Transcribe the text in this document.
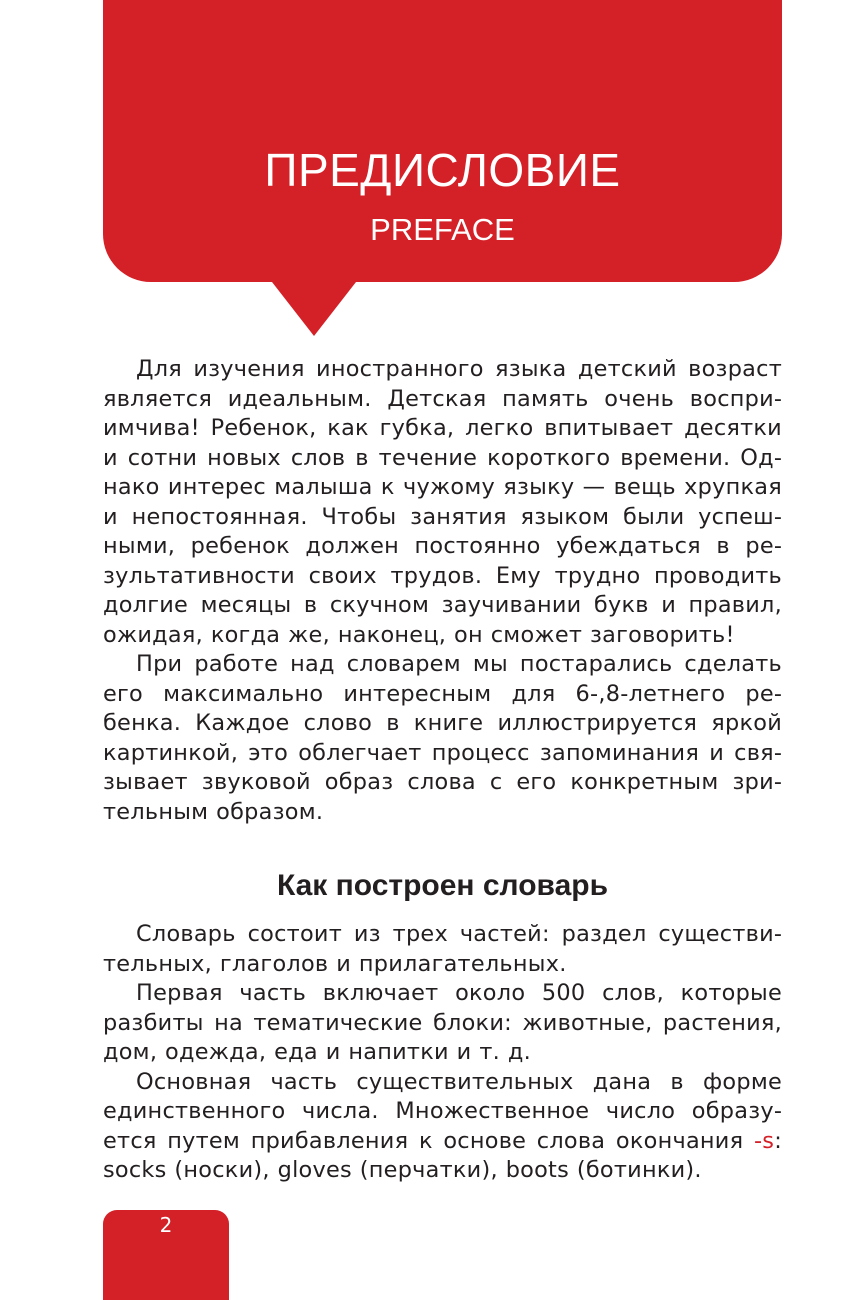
ПРЕДИСЛОВИЕ
PREFACE

Для изучения иностранного языка детский возраст является идеальным. Детская память очень восприимчива! Ребенок, как губка, легко впитывает десятки и сотни новых слов в течение короткого времени. Однако интерес малыша к чужому языку — вещь хрупкая и непостоянная. Чтобы занятия языком были успешными, ребенок должен постоянно убеждаться в результативности своих трудов. Ему трудно проводить долгие месяцы в скучном заучивании букв и правил, ожидая, когда же, наконец, он сможет заговорить!

При работе над словарем мы постарались сделать его максимально интересным для 6-,8-летнего ребенка. Каждое слово в книге иллюстрируется яркой картинкой, это облегчает процесс запоминания и связывает звуковой образ слова с его конкретным зрительным образом.

Как построен словарь

Словарь состоит из трех частей: раздел существительных, глаголов и прилагательных.

Первая часть включает около 500 слов, которые разбиты на тематические блоки: животные, растения, дом, одежда, еда и напитки и т. д.

Основная часть существительных дана в форме единственного числа. Множественное число образуется путем прибавления к основе слова окончания -s: socks (носки), gloves (перчатки), boots (ботинки).

2
